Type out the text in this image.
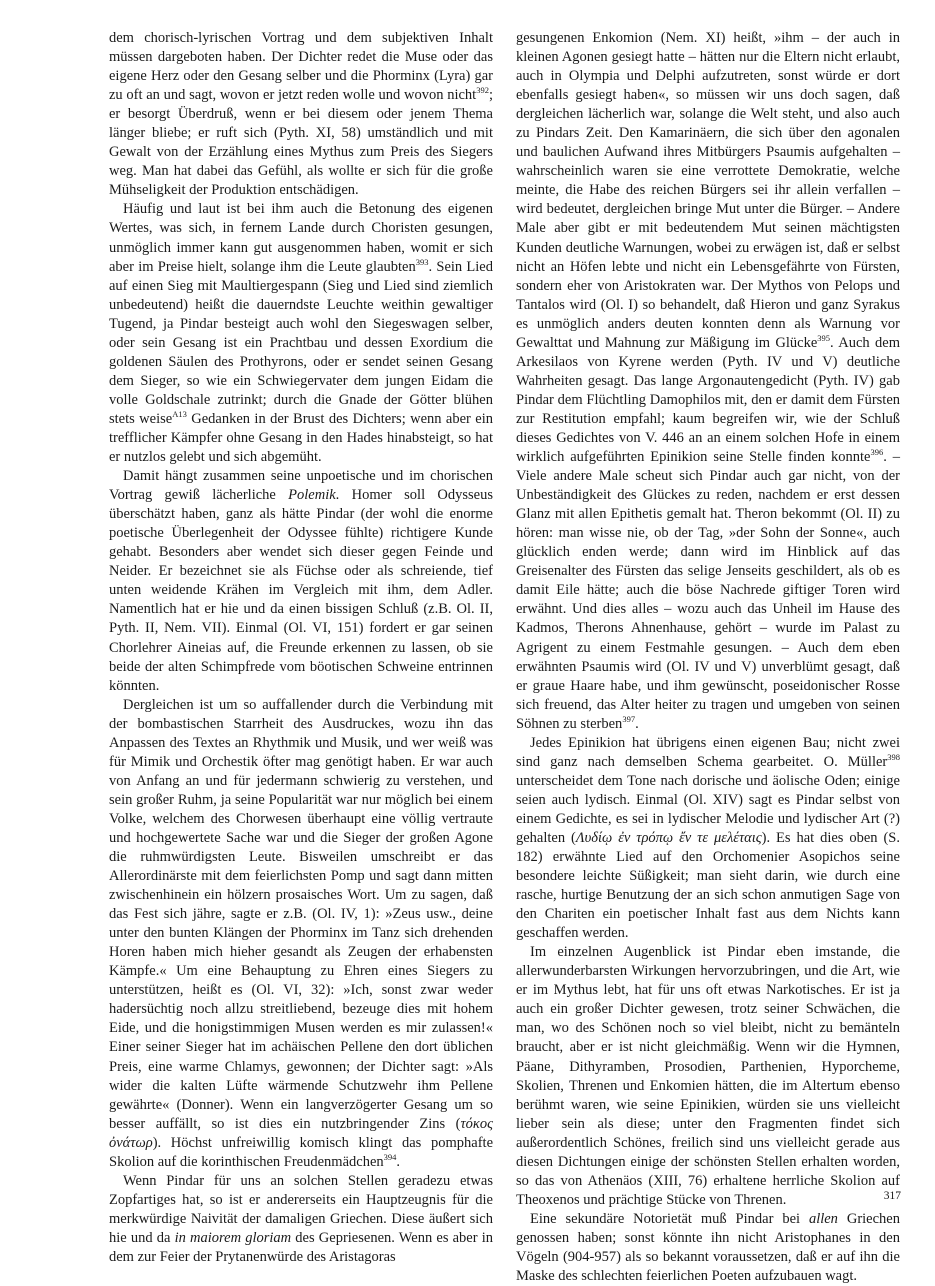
dem chorisch-lyrischen Vortrag und dem subjektiven Inhalt müssen dargeboten haben. Der Dichter redet die Muse oder das eigene Herz oder den Gesang selber und die Phorminx (Lyra) gar zu oft an und sagt, wovon er jetzt reden wolle und wovon nicht$^{392}$; er besorgt Überdruß, wenn er bei diesem oder jenem Thema länger bliebe; er ruft sich (Pyth. XI, 58) umständlich und mit Gewalt von der Erzählung eines Mythus zum Preis des Siegers weg. Man hat dabei das Gefühl, als wollte er sich für die große Mühseligkeit der Produktion entschädigen.

Häufig und laut ist bei ihm auch die Betonung des eigenen Wertes, was sich, in fernem Lande durch Choristen gesungen, unmöglich immer kann gut ausgenommen haben, womit er sich aber im Preise hielt, solange ihm die Leute glaubten$^{393}$. Sein Lied auf einen Sieg mit Maultiergespann (Sieg und Lied sind ziemlich unbedeutend) heißt die dauerndste Leuchte weithin gewaltiger Tugend, ja Pindar besteigt auch wohl den Siegeswagen selber, oder sein Gesang ist ein Prachtbau und dessen Exordium die goldenen Säulen des Prothyrons, oder er sendet seinen Gesang dem Sieger, so wie ein Schwiegervater dem jungen Eidam die volle Goldschale zutrinkt; durch die Gnade der Götter blühen stets weise$^{A13}$ Gedanken in der Brust des Dichters; wenn aber ein trefflicher Kämpfer ohne Gesang in den Hades hinabsteigt, so hat er nutzlos gelebt und sich abgemüht.

Damit hängt zusammen seine unpoetische und im chorischen Vortrag gewiß lächerliche Polemik. Homer soll Odysseus überschätzt haben, ganz als hätte Pindar (der wohl die enorme poetische Überlegenheit der Odyssee fühlte) richtigere Kunde gehabt. Besonders aber wendet sich dieser gegen Feinde und Neider. Er bezeichnet sie als Füchse oder als schreiende, tief unten weidende Krähen im Vergleich mit ihm, dem Adler. Namentlich hat er hie und da einen bissigen Schluß (z.B. Ol. II, Pyth. II, Nem. VII). Einmal (Ol. VI, 151) fordert er gar seinen Chorlehrer Aineias auf, die Freunde erkennen zu lassen, ob sie beide der alten Schimpfrede vom böotischen Schweine entrinnen könnten.

Dergleichen ist um so auffallender durch die Verbindung mit der bombastischen Starrheit des Ausdruckes, wozu ihn das Anpassen des Textes an Rhythmik und Musik, und wer weiß was für Mimik und Orchestik öfter mag genötigt haben. Er war auch von Anfang an und für jedermann schwierig zu verstehen, und sein großer Ruhm, ja seine Popularität war nur möglich bei einem Volke, welchem des Chorwesen überhaupt eine völlig vertraute und hochgewertete Sache war und die Sieger der großen Agone die ruhmwürdigsten Leute. Bisweilen umschreibt er das Allerordinärste mit dem feierlichsten Pomp und sagt dann mitten zwischenhinein ein hölzern prosaisches Wort. Um zu sagen, daß das Fest sich jähre, sagte er z.B. (Ol. IV, 1): »Zeus usw., deine unter den bunten Klängen der Phorminx im Tanz sich drehenden Horen haben mich hieher gesandt als Zeugen der erhabensten Kämpfe.« Um eine Behauptung zu Ehren eines Siegers zu unterstützen, heißt es (Ol. VI, 32): »Ich, sonst zwar weder hadersüchtig noch allzu streitliebend, bezeuge dies mit hohem Eide, und die honigstimmigen Musen werden es mir zulassen!« Einer seiner Sieger hat im achäischen Pellene den dort üblichen Preis, eine warme Chlamys, gewonnen; der Dichter sagt: »Als wider die kalten Lüfte wärmende Schutzwehr ihm Pellene gewährte« (Donner). Wenn ein langverzögerter Gesang um so besser auffällt, so ist dies ein nutzbringender Zins (τόκος ὀνάτωρ). Höchst unfreiwillig komisch klingt das pomphafte Skolion auf die korinthischen Freudenmädchen$^{394}$.

Wenn Pindar für uns an solchen Stellen geradezu etwas Zopfartiges hat, so ist er andererseits ein Hauptzeugnis für die merkwürdige Naivität der damaligen Griechen. Diese äußert sich hie und da in maiorem gloriam des Gepriesenen. Wenn es aber in dem zur Feier der Prytanenwürde des Aristagoras

gesungenen Enkomion (Nem. XI) heißt, »ihm – der auch in kleinen Agonen gesiegt hatte – hätten nur die Eltern nicht erlaubt, auch in Olympia und Delphi aufzutreten, sonst würde er dort ebenfalls gesiegt haben«, so müssen wir uns doch sagen, daß dergleichen lächerlich war, solange die Welt steht, und also auch zu Pindars Zeit. Den Kamarinäern, die sich über den agonalen und baulichen Aufwand ihres Mitbürgers Psaumis aufgehalten – wahrscheinlich waren sie eine verrottete Demokratie, welche meinte, die Habe des reichen Bürgers sei ihr allein verfallen – wird bedeutet, dergleichen bringe Mut unter die Bürger. – Andere Male aber gibt er mit bedeutendem Mut seinen mächtigsten Kunden deutliche Warnungen, wobei zu erwägen ist, daß er selbst nicht an Höfen lebte und nicht ein Lebensgefährte von Fürsten, sondern eher von Aristokraten war. Der Mythos von Pelops und Tantalos wird (Ol. I) so behandelt, daß Hieron und ganz Syrakus es unmöglich anders deuten konnten denn als Warnung vor Gewalttat und Mahnung zur Mäßigung im Glücke$^{395}$. Auch dem Arkesilaos von Kyrene werden (Pyth. IV und V) deutliche Wahrheiten gesagt. Das lange Argonautengedicht (Pyth. IV) gab Pindar dem Flüchtling Damophilos mit, den er damit dem Fürsten zur Restitution empfahl; kaum begreifen wir, wie der Schluß dieses Gedichtes von V. 446 an an einem solchen Hofe in einem wirklich aufgeführten Epinikion seine Stelle finden konnte$^{396}$. – Viele andere Male scheut sich Pindar auch gar nicht, von der Unbeständigkeit des Glückes zu reden, nachdem er erst dessen Glanz mit allen Epithetis gemalt hat. Theron bekommt (Ol. II) zu hören: man wisse nie, ob der Tag, »der Sohn der Sonne«, auch glücklich enden werde; dann wird im Hinblick auf das Greisenalter des Fürsten das selige Jenseits geschildert, als ob es damit Eile hätte; auch die böse Nachrede giftiger Toren wird erwähnt. Und dies alles – wozu auch das Unheil im Hause des Kadmos, Therons Ahnenhause, gehört – wurde im Palast zu Agrigent zu einem Festmahle gesungen. – Auch dem eben erwähnten Psaumis wird (Ol. IV und V) unverblümt gesagt, daß er graue Haare habe, und ihm gewünscht, poseidonischer Rosse sich freuend, das Alter heiter zu tragen und umgeben von seinen Söhnen zu sterben$^{397}$.

Jedes Epinikion hat übrigens einen eigenen Bau; nicht zwei sind ganz nach demselben Schema gearbeitet. O. Müller$^{398}$ unterscheidet dem Tone nach dorische und äolische Oden; einige seien auch lydisch. Einmal (Ol. XIV) sagt es Pindar selbst von einem Gedichte, es sei in lydischer Melodie und lydischer Art (?) gehalten (Λυδίῳ ἐν τρόπῳ ἔν τε μελέταις). Es hat dies oben (S. 182) erwähnte Lied auf den Orchomenier Asopichos seine besondere leichte Süßigkeit; man sieht darin, wie durch eine rasche, hurtige Benutzung der an sich schon anmutigen Sage von den Chariten ein poetischer Inhalt fast aus dem Nichts kann geschaffen werden.

Im einzelnen Augenblick ist Pindar eben imstande, die allerwunderbarsten Wirkungen hervorzubringen, und die Art, wie er im Mythus lebt, hat für uns oft etwas Narkotisches. Er ist ja auch ein großer Dichter gewesen, trotz seiner Schwächen, die man, wo des Schönen noch so viel bleibt, nicht zu bemänteln braucht, aber er ist nicht gleichmäßig. Wenn wir die Hymnen, Päane, Dithyramben, Prosodien, Parthenien, Hyporcheme, Skolien, Threnen und Enkomien hätten, die im Altertum ebenso berühmt waren, wie seine Epinikien, würden sie uns vielleicht lieber sein als diese; unter den Fragmenten findet sich außerordentlich Schönes, freilich sind uns vielleicht gerade aus diesen Dichtungen einige der schönsten Stellen erhalten worden, so das von Athenäos (XIII, 76) erhaltene herrliche Skolion auf Theoxenos und prächtige Stücke von Threnen.

Eine sekundäre Notorietät muß Pindar bei allen Griechen genossen haben; sonst könnte ihn nicht Aristophanes in den Vögeln (904-957) als so bekannt voraussetzen, daß er auf ihn die Maske des schlechten feierlichen Poeten aufzubauen wagt.

317
